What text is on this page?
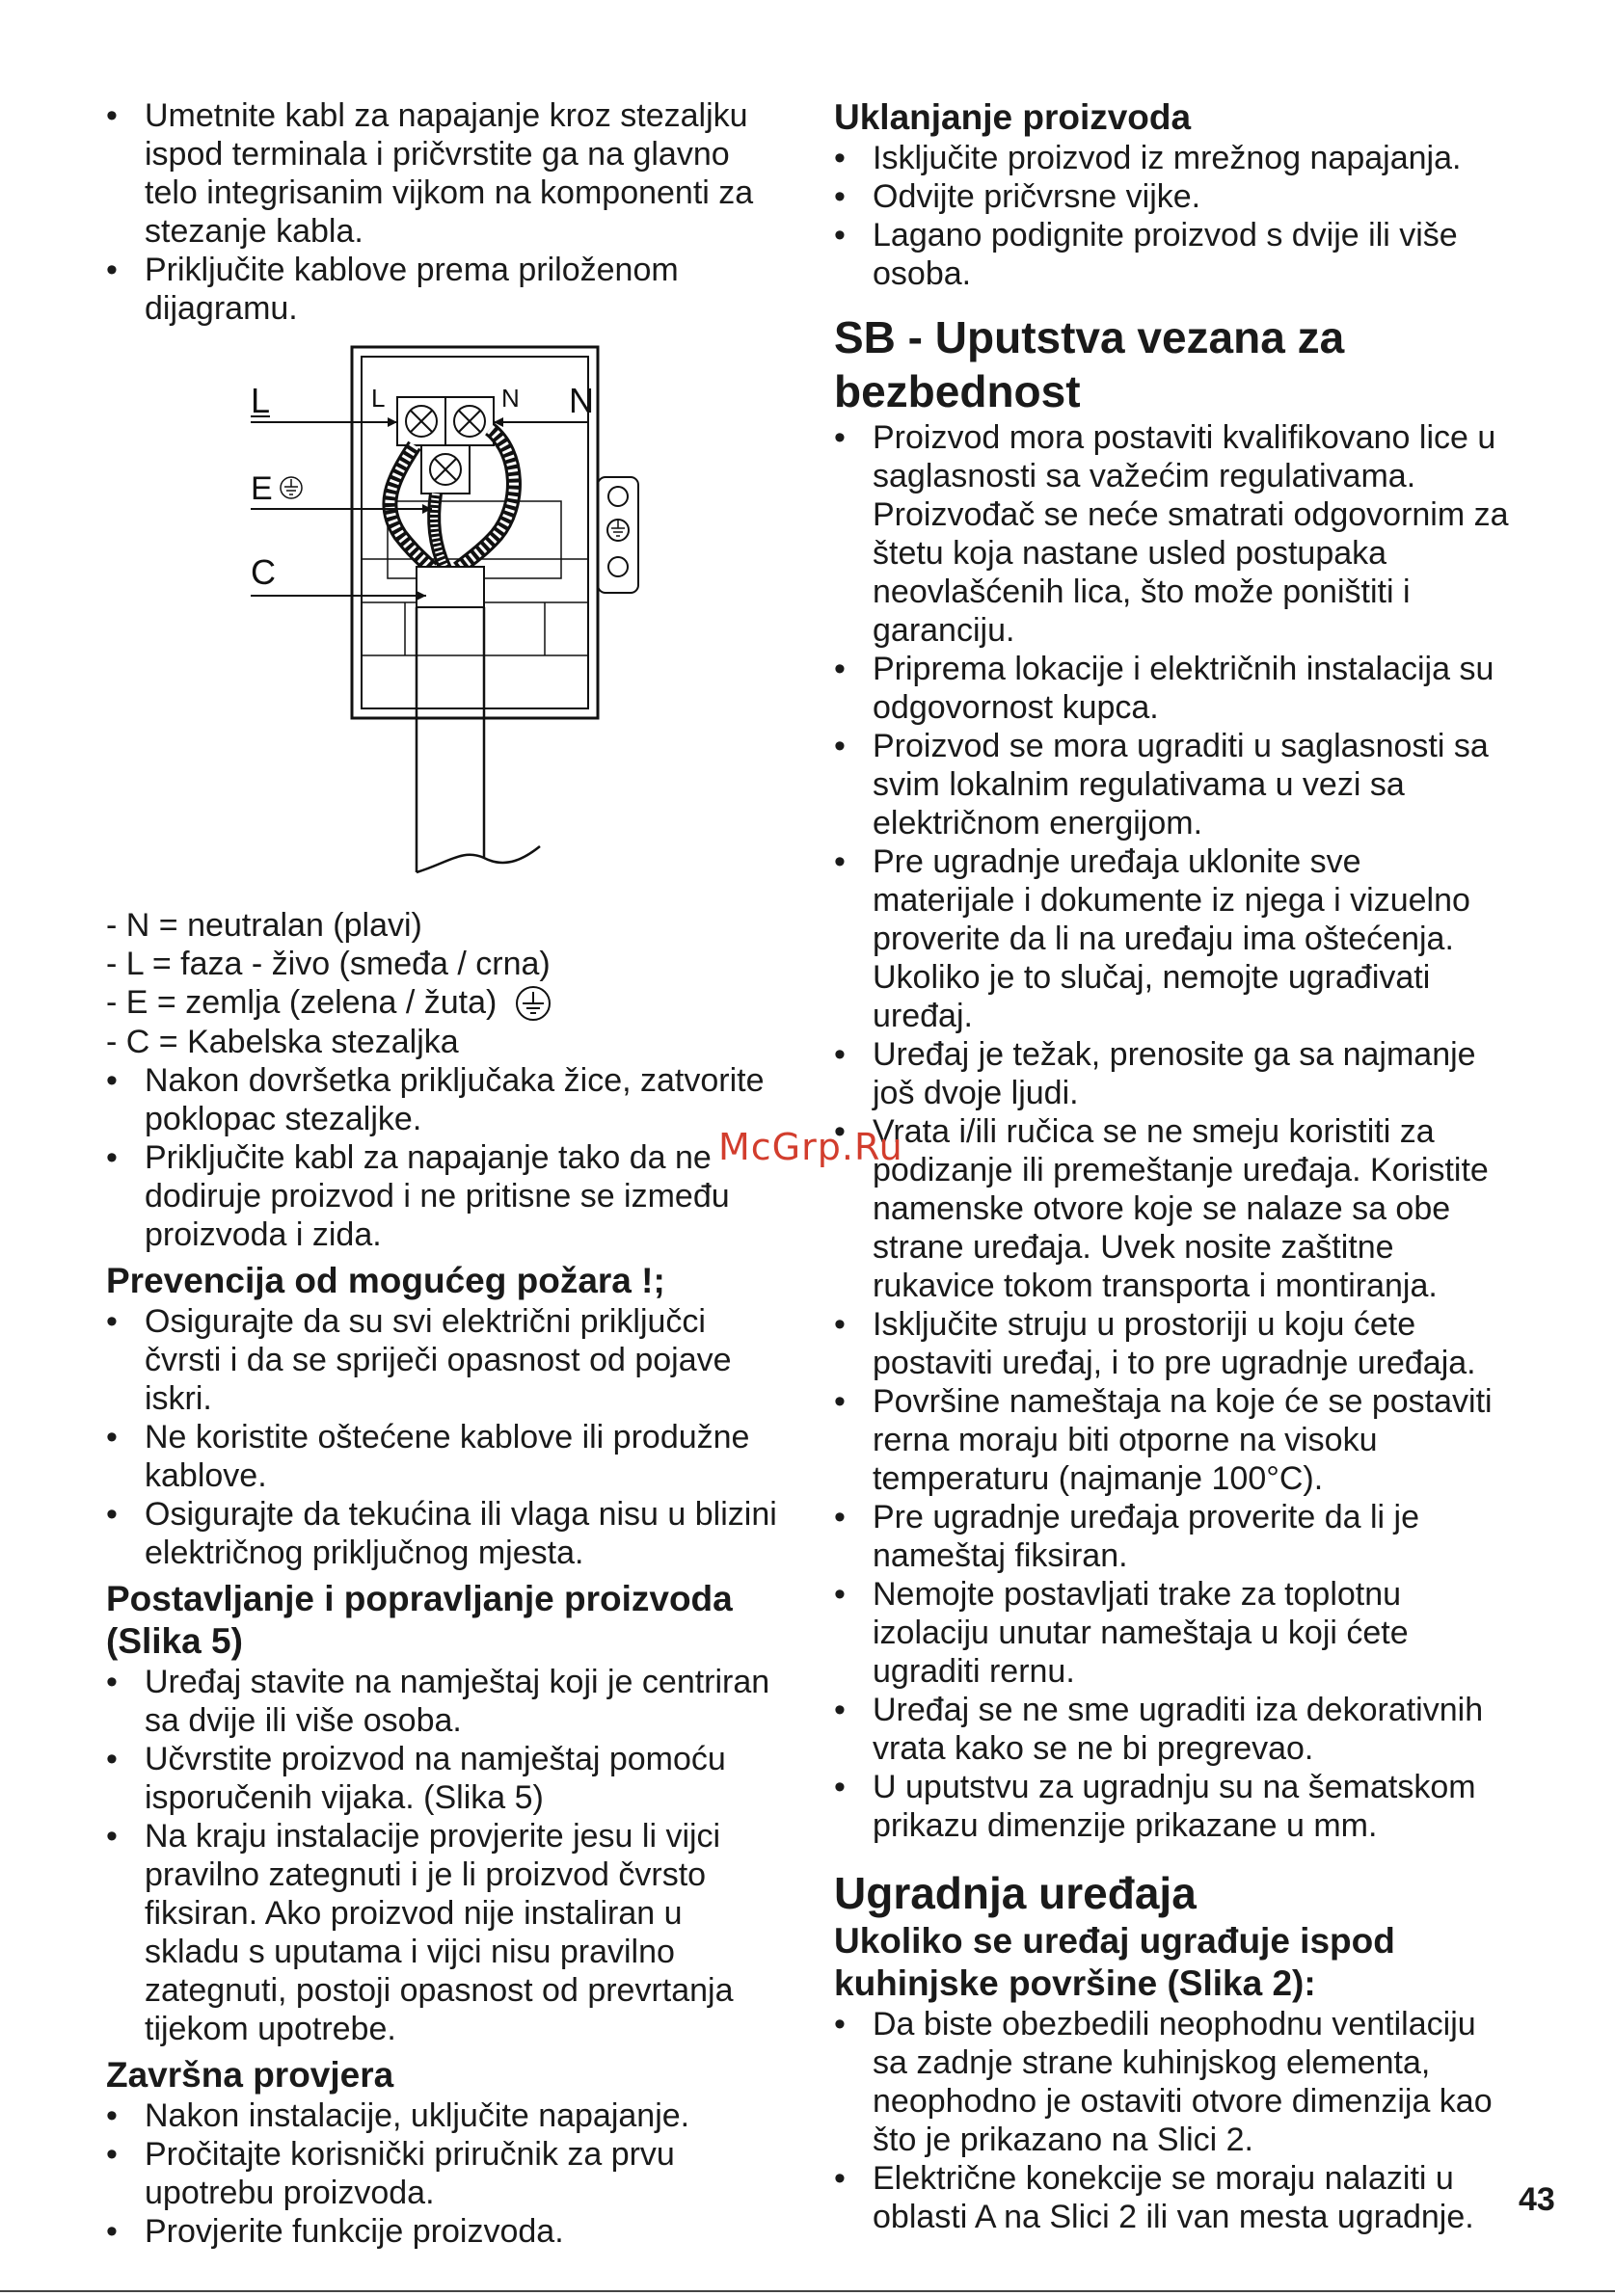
• Umetnite kabl za napajanje kroz stezaljku ispod terminala i pričvrstite ga na glavno telo integrisanim vijkom na komponenti za stezanje kabla.
• Priključite kablove prema priloženom dijagramu.
L	L	N N
E
C
- N = neutralan (plavi)
- L = faza - živo (smeđa / crna)
- E = zemlja (zelena / žuta)
- C = Kabelska stezaljka
• Nakon dovršetka priključaka žice, zatvorite poklopac stezaljke.
• Priključite kabl za napajanje tako da ne dodiruje proizvod i ne pritisne se između proizvoda i zida.
Prevencija od mogućeg požara !;
• Osigurajte da su svi električni priključci čvrsti i da se spriječi opasnost od pojave iskri.
• Ne koristite oštećene kablove ili produžne kablove.
• Osigurajte da tekućina ili vlaga nisu u blizini električnog priključnog mjesta.
Postavljanje i popravljanje proizvoda (Slika 5)
• Uređaj stavite na namještaj koji je centriran sa dvije ili više osoba.
• Učvrstite proizvod na namještaj pomoću isporučenih vijaka. (Slika 5)
• Na kraju instalacije provjerite jesu li vijci pravilno zategnuti i je li proizvod čvrsto fiksiran. Ako proizvod nije instaliran u skladu s uputama i vijci nisu pravilno zategnuti, postoji opasnost od prevrtanja tijekom upotrebe.
Završna provjera
• Nakon instalacije, uključite napajanje.
• Pročitajte korisnički priručnik za prvu upotrebu proizvoda.
• Provjerite funkcije proizvoda.
Uklanjanje proizvoda
• Isključite proizvod iz mrežnog napajanja.
• Odvijte pričvrsne vijke.
• Lagano podignite proizvod s dvije ili više osoba.
SB - Uputstva vezana za bezbednost
• Proizvod mora postaviti kvalifikovano lice u saglasnosti sa važećim regulativama. Proizvođač se neće smatrati odgovornim za štetu koja nastane usled postupaka neovlašćenih lica, što može poništiti i garanciju.
• Priprema lokacije i električnih instalacija su odgovornost kupca.
• Proizvod se mora ugraditi u saglasnosti sa svim lokalnim regulativama u vezi sa električnom energijom.
• Pre ugradnje uređaja uklonite sve materijale i dokumente iz njega i vizuelno proverite da li na uređaju ima oštećenja. Ukoliko je to slučaj, nemojte ugrađivati uređaj.
• Uređaj je težak, prenosite ga sa najmanje još dvoje ljudi.
• Vrata i/ili ručica se ne smeju koristiti za podizanje ili premeštanje uređaja. Koristite namenske otvore koje se nalaze sa obe strane uređaja. Uvek nosite zaštitne rukavice tokom transporta i montiranja.
• Isključite struju u prostoriji u koju ćete postaviti uređaj, i to pre ugradnje uređaja.
• Površine nameštaja na koje će se postaviti rerna moraju biti otporne na visoku temperaturu (najmanje 100°C).
• Pre ugradnje uređaja proverite da li je nameštaj fiksiran.
• Nemojte postavljati trake za toplotnu izolaciju unutar nameštaja u koji ćete ugraditi rernu.
• Uređaj se ne sme ugraditi iza dekorativnih vrata kako se ne bi pregrevao.
• U uputstvu za ugradnju su na šematskom prikazu dimenzije prikazane u mm.
Ugradnja uređaja
Ukoliko se uređaj ugrađuje ispod kuhinjske površine (Slika 2):
• Da biste obezbedili neophodnu ventilaciju sa zadnje strane kuhinjskog elementa, neophodno je ostaviti otvore dimenzija kao što je prikazano na Slici 2.
• Električne konekcije se moraju nalaziti u oblasti A na Slici 2 ili van mesta ugradnje.
McGrp.Ru
43
